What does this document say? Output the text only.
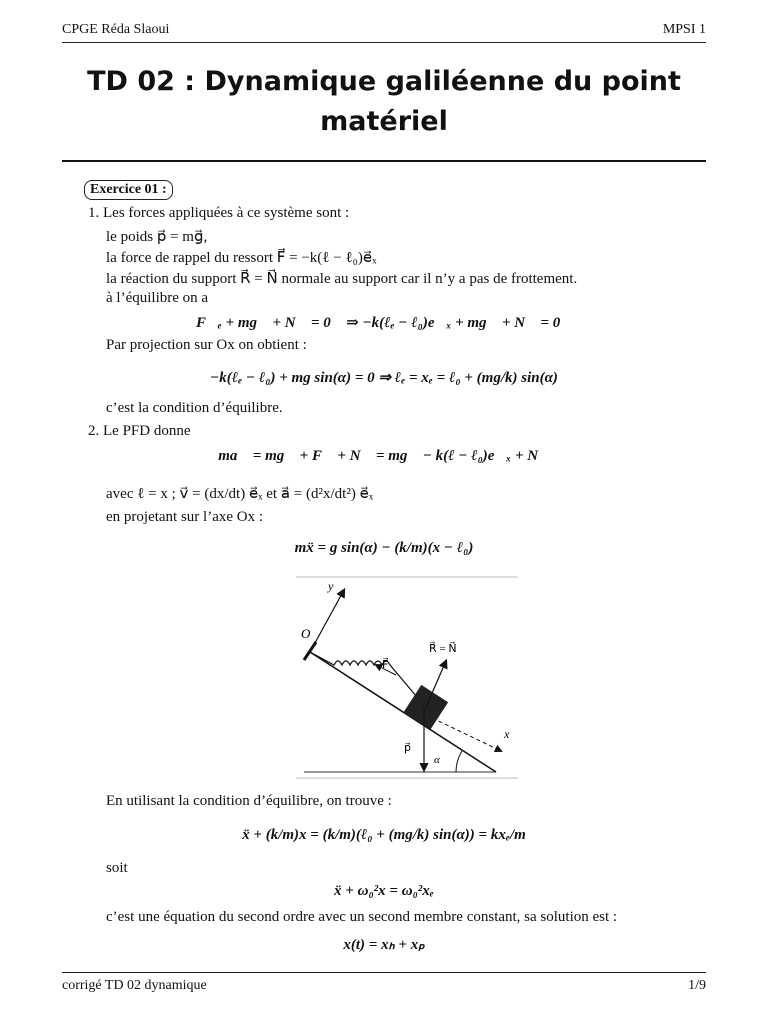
CPGE Réda Slaoui	MPSI 1
TD 02 : Dynamique galiléenne du point
matériel
Exercice 01 :
1. Les forces appliquées à ce système sont :
le poids p⃗ = mg⃗,
la force de rappel du ressort F⃗ = −k(ℓ − ℓ₀)e⃗ₓ
la réaction du support R⃗ = N⃗ normale au support car il n’y a pas de frottement.
à l’équilibre on a
F⃗ₑ + mg⃗ + N⃗ = 0⃗ ⇒ −k(ℓₑ − ℓ₀)e⃗ₓ + mg⃗ + N⃗ = 0⃗
Par projection sur Ox on obtient :
−k(ℓₑ − ℓ₀) + mg sin(α) = 0 ⇒ ℓₑ = xₑ = ℓ₀ + (mg/k) sin(α)
c’est la condition d’équilibre.
2. Le PFD donne
ma⃗ = mg⃗ + F⃗ + N⃗ = mg⃗ − k(ℓ − ℓ₀)e⃗ₓ + N⃗
avec ℓ = x ; v⃗ = (dx/dt) e⃗ₓ et a⃗ = (d²x/dt²) e⃗ₓ
en projetant sur l’axe Ox :
mẍ = g sin(α) − (k/m)(x − ℓ₀)
y
O
F⃗
R⃗ = N⃗
x
p⃗
α
En utilisant la condition d’équilibre, on trouve :
ẍ + (k/m)x = (k/m)(ℓ₀ + (mg/k) sin(α)) = kxₑ/m
soit
ẍ + ω₀²x = ω₀²xₑ
c’est une équation du second ordre avec un second membre constant, sa solution est :
x(t) = xₕ + xₚ
corrigé TD 02 dynamique	1/9
